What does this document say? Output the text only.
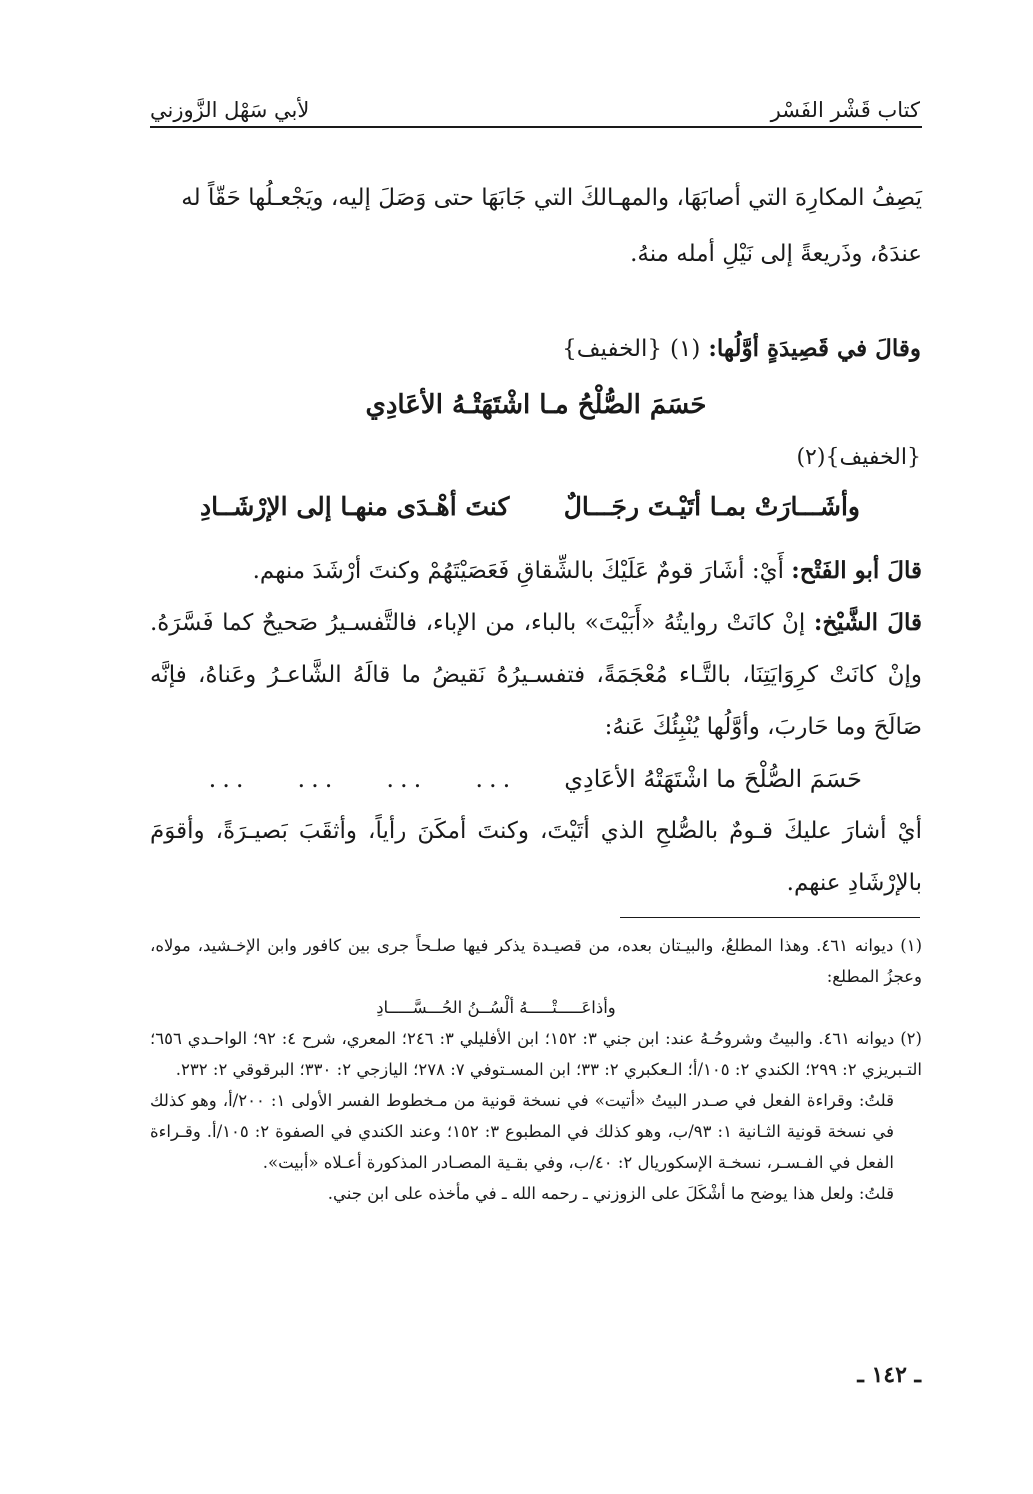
كتاب قَشْر الفَسْر
لأبي سَهْل الزَّوزني

يَصِفُ المكارِهَ التي أصابَهَا، والمهـالكَ التي جَابَهَا حتى وَصَلَ إليه، ويَجْعـلُها حَقّاً له

عندَهُ، وذَريعةً إلى نَيْلِ أمله منهُ.

وقالَ في قَصِيدَةٍ أوَّلُها: (١) {الخفيف}
حَسَمَ الصُّلْحُ مـا اشْتَهَتْـهُ الأعَادِي
{الخفيف}(٢)
وأشَـــارَتْ بمـا أتَيْـتَ رجَـــالٌ
كنتَ أهْـدَى منهـا إلى الإرْشَــادِ

قالَ أبو الفَتْح: أَيْ: أشَارَ قومٌ عَلَيْكَ بالشِّقاقِ فَعَصَيْتَهُمْ وكنتَ أرْشَدَ منهم.

قالَ الشَّيْخ: إنْ كانَتْ روايتُهُ «أَبَيْتَ» بالباء، من الإباء، فالتَّفسـيرُ صَحيحٌ كما فَسَّرَهُ. وإنْ كانَتْ كرِوَايَتِنَا، بالتَّـاء مُعْجَمَةً، فتفسـيرُهُ نَقيضُ ما قالَهُ الشَّاعـرُ وعَناهُ، فإنَّه صَالَحَ وما حَاربَ، وأوَّلُها يُنْبِئُكَ عَنهُ:

حَسَمَ الصُّلْحَ ما اشْتَهَتْهُ الأعَادِي
...
...
...
...

أيْ أشارَ عليكَ قـومٌ بالصُّلحِ الذي أتَيْتَ، وكنتَ أمكَنَ رأياً، وأثقَبَ بَصيـرَةً، وأقوَمَ بالإرْشَادِ عنهم.

(١) ديوانه ٤٦١. وهذا المطلعُ، والبيـتان بعده، من قصيـدة يذكر فيها صلـحاً جرى بين كافور وابن الإخـشيد، مولاه، وعجزُ المطلع:

وأذاعَـــــتْـــــهُ ألْسُــنُ الحُـــسَّـــــادِ

(٢) ديوانه ٤٦١. والبيتُ وشروحُـهُ عند: ابن جني ٣: ١٥٢؛ ابن الأفليلي ٣: ٢٤٦؛ المعري، شرح ٤: ٩٢؛ الواحـدي ٦٥٦؛ التـبريزي ٢: ٢٩٩؛ الكندي ٢: ١٠٥/أ؛ الـعكبري ٢: ٣٣؛ ابن المسـتوفي ٧: ٢٧٨؛ اليازجي ٢: ٣٣٠؛ البرقوقي ٢: ٢٣٢.

قلتُ: وقراءة الفعل في صـدر البيتُ «أتيت» في نسخة قونية من مـخطوط الفسر الأولى ١: ٢٠٠/أ، وهو كذلك في نسخة قونية الثـانية ١: ٩٣/ب، وهو كذلك في المطبوع ٣: ١٥٢؛ وعند الكندي في الصفوة ٢: ١٠٥/أ. وقـراءة الفعل في الفـسـر، نسخـة الإسكوريال ٢: ٤٠/ب، وفي بقـية المصـادر المذكورة أعـلاه «أبيت».

قلتُ: ولعل هذا يوضح ما أشْكَلَ على الزوزني ـ رحمه الله ـ في مأخذه على ابن جني.

ـ ١٤٢ ـ
